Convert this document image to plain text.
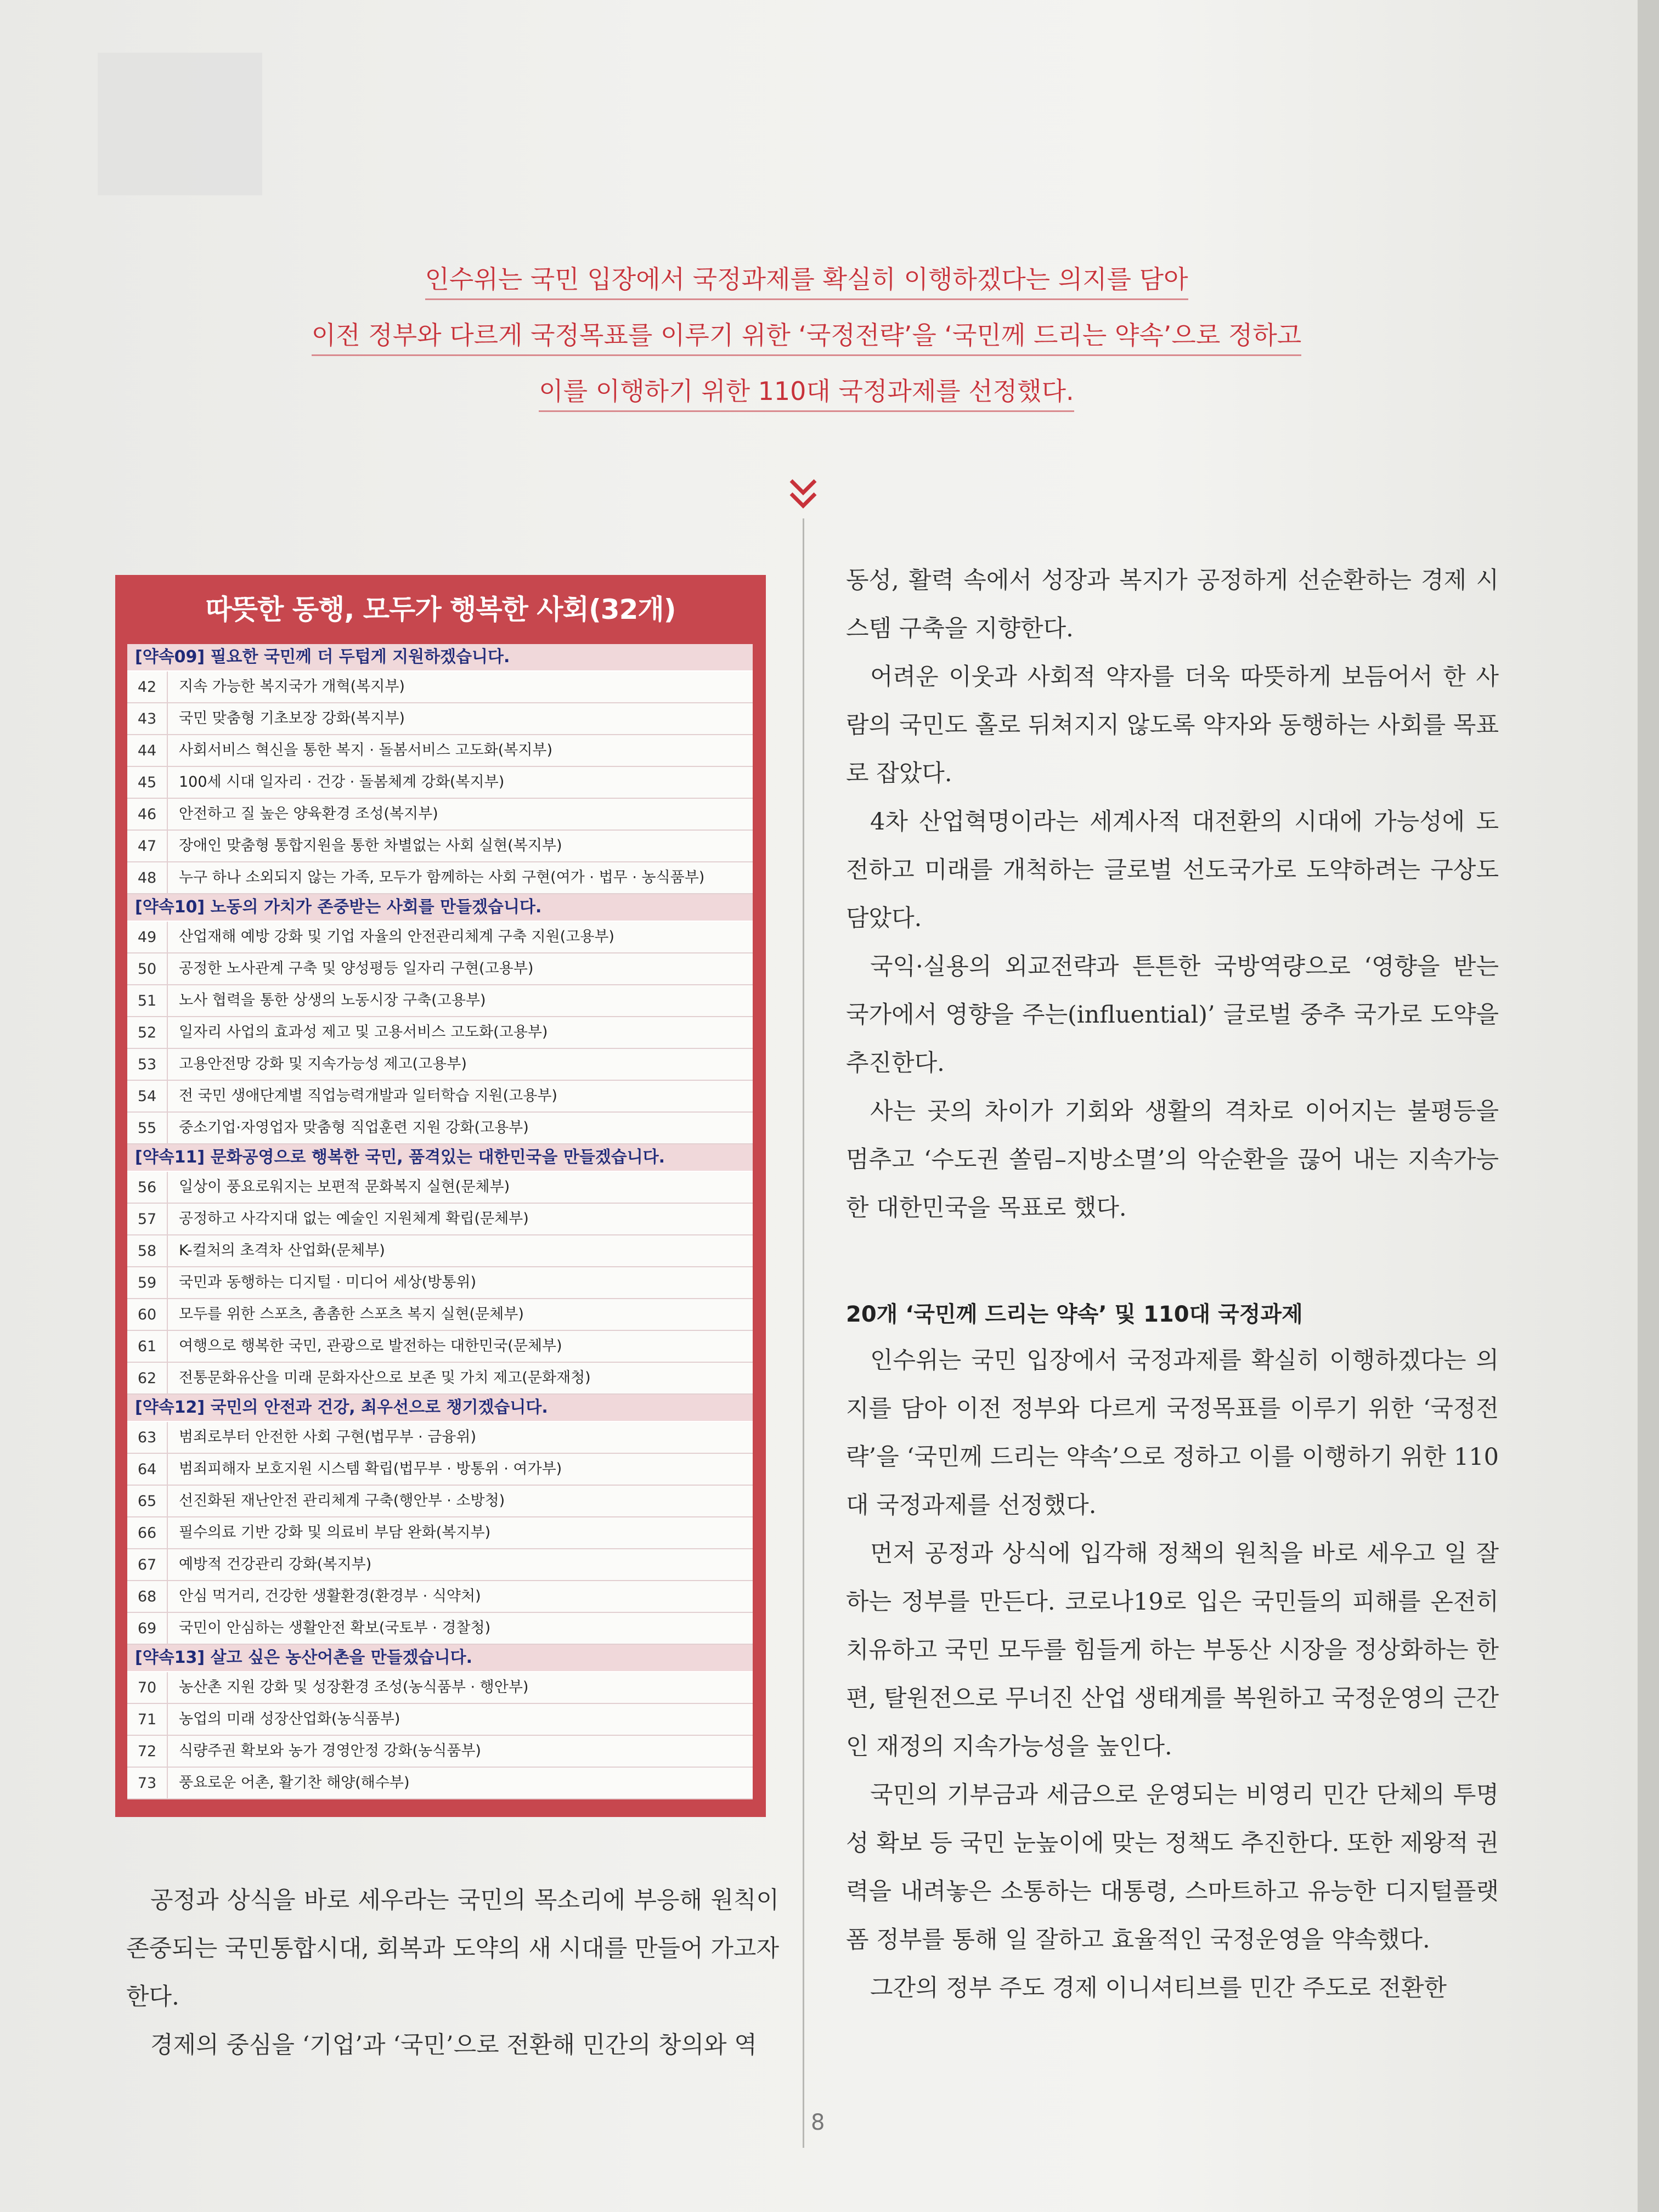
인수위는 국민 입장에서 국정과제를 확실히 이행하겠다는 의지를 담아
이전 정부와 다르게 국정목표를 이루기 위한 ‘국정전략’을 ‘국민께 드리는 약속’으로 정하고
이를 이행하기 위한 110대 국정과제를 선정했다.
따뜻한 동행, 모두가 행복한 사회(32개)
[약속09] 필요한 국민께 더 두텁게 지원하겠습니다.
42	지속 가능한 복지국가 개혁(복지부)
43	국민 맞춤형 기초보장 강화(복지부)
44	사회서비스 혁신을 통한 복지 · 돌봄서비스 고도화(복지부)
45	100세 시대 일자리 · 건강 · 돌봄체계 강화(복지부)
46	안전하고 질 높은 양육환경 조성(복지부)
47	장애인 맞춤형 통합지원을 통한 차별없는 사회 실현(복지부)
48	누구 하나 소외되지 않는 가족, 모두가 함께하는 사회 구현(여가 · 법무 · 농식품부)
[약속10] 노동의 가치가 존중받는 사회를 만들겠습니다.
49	산업재해 예방 강화 및 기업 자율의 안전관리체계 구축 지원(고용부)
50	공정한 노사관계 구축 및 양성평등 일자리 구현(고용부)
51	노사 협력을 통한 상생의 노동시장 구축(고용부)
52	일자리 사업의 효과성 제고 및 고용서비스 고도화(고용부)
53	고용안전망 강화 및 지속가능성 제고(고용부)
54	전 국민 생애단계별 직업능력개발과 일터학습 지원(고용부)
55	중소기업·자영업자 맞춤형 직업훈련 지원 강화(고용부)
[약속11] 문화공영으로 행복한 국민, 품격있는 대한민국을 만들겠습니다.
56	일상이 풍요로워지는 보편적 문화복지 실현(문체부)
57	공정하고 사각지대 없는 예술인 지원체계 확립(문체부)
58	K-컬처의 초격차 산업화(문체부)
59	국민과 동행하는 디지털 · 미디어 세상(방통위)
60	모두를 위한 스포츠, 촘촘한 스포츠 복지 실현(문체부)
61	여행으로 행복한 국민, 관광으로 발전하는 대한민국(문체부)
62	전통문화유산을 미래 문화자산으로 보존 및 가치 제고(문화재청)
[약속12] 국민의 안전과 건강, 최우선으로 챙기겠습니다.
63	범죄로부터 안전한 사회 구현(법무부 · 금융위)
64	범죄피해자 보호지원 시스템 확립(법무부 · 방통위 · 여가부)
65	선진화된 재난안전 관리체계 구축(행안부 · 소방청)
66	필수의료 기반 강화 및 의료비 부담 완화(복지부)
67	예방적 건강관리 강화(복지부)
68	안심 먹거리, 건강한 생활환경(환경부 · 식약처)
69	국민이 안심하는 생활안전 확보(국토부 · 경찰청)
[약속13] 살고 싶은 농산어촌을 만들겠습니다.
70	농산촌 지원 강화 및 성장환경 조성(농식품부 · 행안부)
71	농업의 미래 성장산업화(농식품부)
72	식량주권 확보와 농가 경영안정 강화(농식품부)
73	풍요로운 어촌, 활기찬 해양(해수부)

공정과 상식을 바로 세우라는 국민의 목소리에 부응해 원칙이 존중되는 국민통합시대, 회복과 도약의 새 시대를 만들어 가고자 한다.

경제의 중심을 ‘기업’과 ‘국민’으로 전환해 민간의 창의와 역

동성, 활력 속에서 성장과 복지가 공정하게 선순환하는 경제 시스템 구축을 지향한다.

어려운 이웃과 사회적 약자를 더욱 따뜻하게 보듬어서 한 사람의 국민도 홀로 뒤쳐지지 않도록 약자와 동행하는 사회를 목표로 잡았다.

4차 산업혁명이라는 세계사적 대전환의 시대에 가능성에 도전하고 미래를 개척하는 글로벌 선도국가로 도약하려는 구상도 담았다.

국익·실용의 외교전략과 튼튼한 국방역량으로 ‘영향을 받는 국가에서 영향을 주는(influential)’ 글로벌 중추 국가로 도약을 추진한다.

사는 곳의 차이가 기회와 생활의 격차로 이어지는 불평등을 멈추고 ‘수도권 쏠림–지방소멸’의 악순환을 끊어 내는 지속가능한 대한민국을 목표로 했다.

20개 ‘국민께 드리는 약속’ 및 110대 국정과제

인수위는 국민 입장에서 국정과제를 확실히 이행하겠다는 의지를 담아 이전 정부와 다르게 국정목표를 이루기 위한 ‘국정전략’을 ‘국민께 드리는 약속’으로 정하고 이를 이행하기 위한 110대 국정과제를 선정했다.

먼저 공정과 상식에 입각해 정책의 원칙을 바로 세우고 일 잘하는 정부를 만든다. 코로나19로 입은 국민들의 피해를 온전히 치유하고 국민 모두를 힘들게 하는 부동산 시장을 정상화하는 한편, 탈원전으로 무너진 산업 생태계를 복원하고 국정운영의 근간인 재정의 지속가능성을 높인다.

국민의 기부금과 세금으로 운영되는 비영리 민간 단체의 투명성 확보 등 국민 눈높이에 맞는 정책도 추진한다. 또한 제왕적 권력을 내려놓은 소통하는 대통령, 스마트하고 유능한 디지털플랫폼 정부를 통해 일 잘하고 효율적인 국정운영을 약속했다.

그간의 정부 주도 경제 이니셔티브를 민간 주도로 전환한

8
